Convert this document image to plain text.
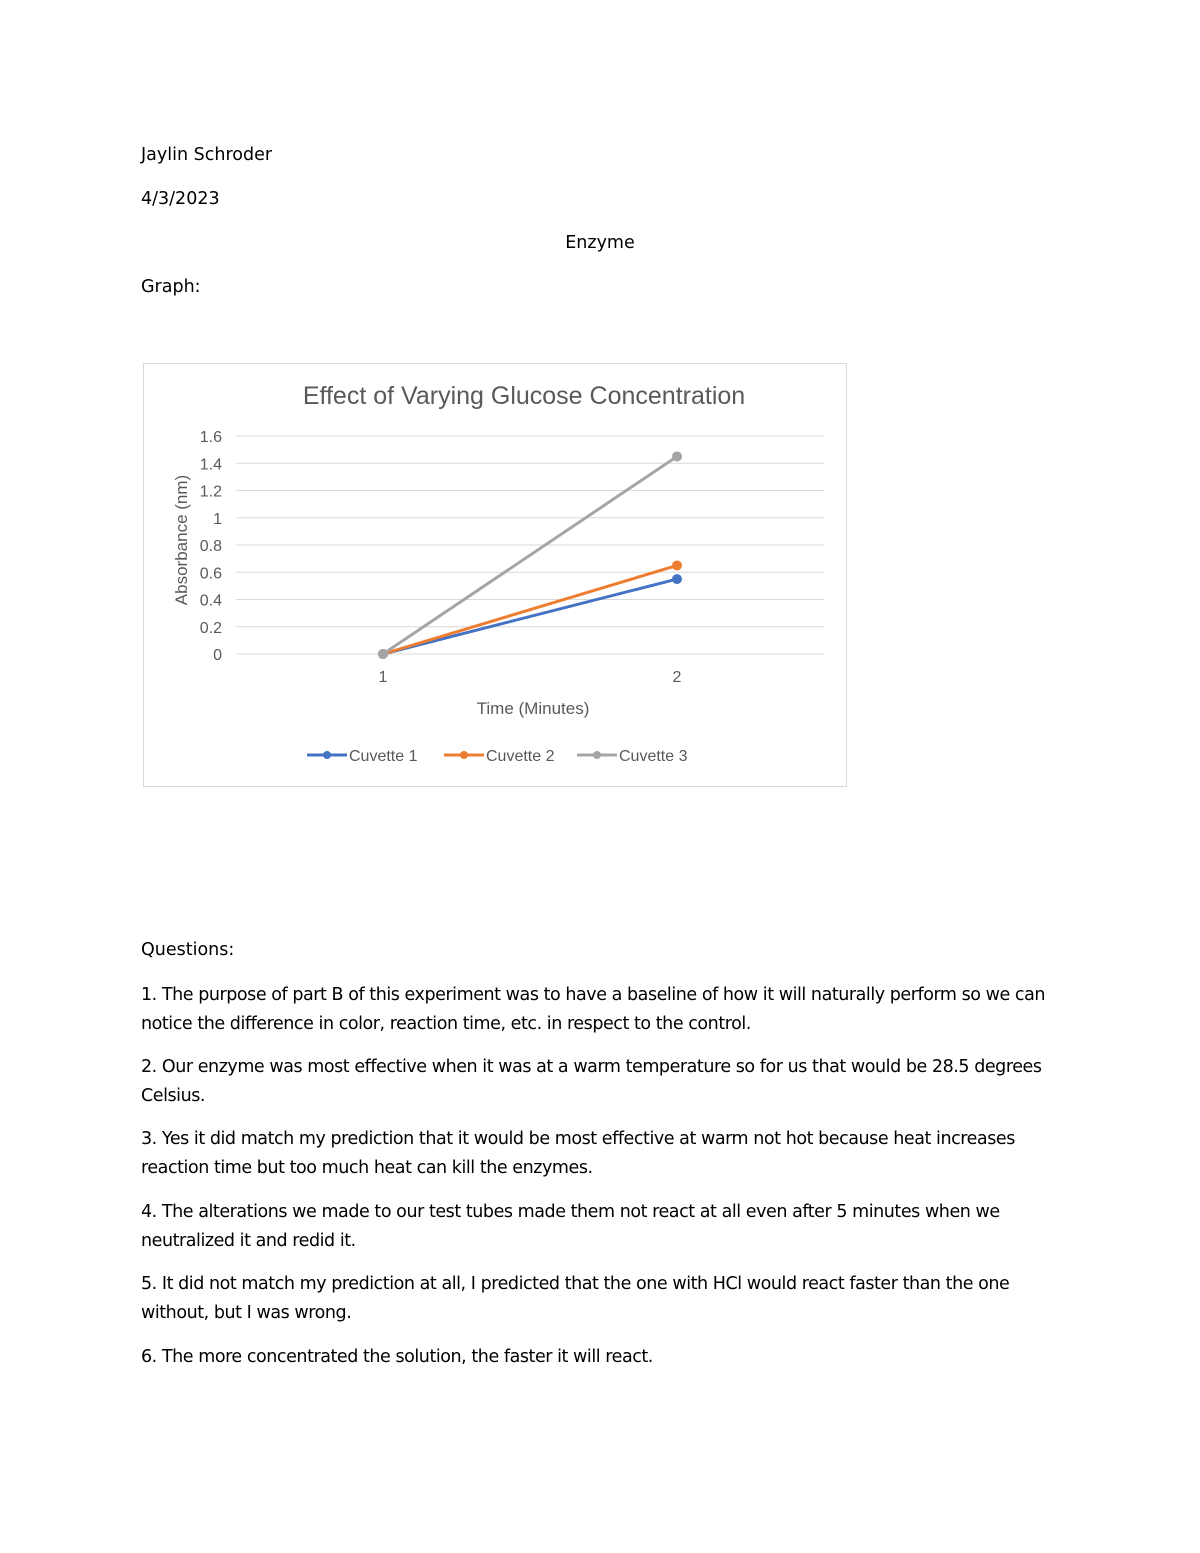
Jaylin Schroder
4/3/2023
Enzyme
Graph:
Effect of Varying Glucose Concentration
0
0.2
0.4
0.6
0.8
1
1.2
1.4
1.6
1	2
Absorbance (nm)
Time (Minutes)
Cuvette 1	Cuvette 2	Cuvette 3
Questions:
1. The purpose of part B of this experiment was to have a baseline of how it will naturally perform so we can notice the difference in color, reaction time, etc. in respect to the control.
2. Our enzyme was most effective when it was at a warm temperature so for us that would be 28.5 degrees Celsius.
3. Yes it did match my prediction that it would be most effective at warm not hot because heat increases reaction time but too much heat can kill the enzymes.
4. The alterations we made to our test tubes made them not react at all even after 5 minutes when we neutralized it and redid it.
5. It did not match my prediction at all, I predicted that the one with HCl would react faster than the one without, but I was wrong.
6. The more concentrated the solution, the faster it will react.
